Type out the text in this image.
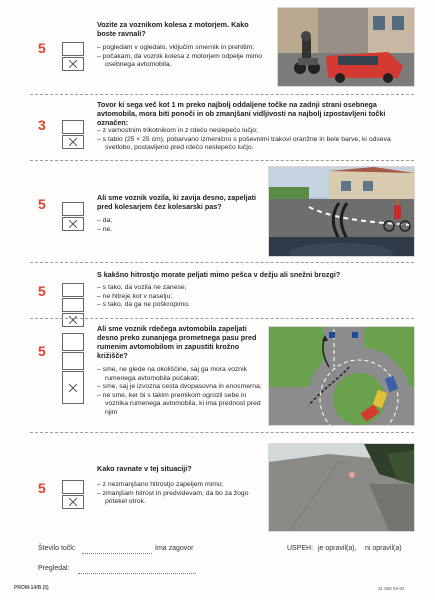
5
Vozite za voznikom kolesa z motorjem. Kako boste ravnali?
– pogledam v ogledalo, vključim smernik in prehitim;
– počakam, da voznik kolesa z motorjem odpelje mimo osebnega avtomobila.
3
Tovor ki sega več kot 1 m preko najbolj oddaljene točke na zadnji strani osebnega avtomobila, mora biti ponoči in ob zmanjšani vidljivosti na najbolj izpostavljeni točki označen:
– z varnostnim trikotnikom in z rdečo neslepečo lučjo;
– s tablo (25 × 25 cm), pobarvano izmenično s poševnimi trakovi oranžne in bele barve, ki odseva svetlobo, postavljeno pred rdečo neslepečo lučjo.
5	Ali sme voznik vozila, ki zavija desno, zapeljati pred kolesarjem čez kolesarski pas?
– da;
– ne.
5
S kakšno hitrostjo morate peljati mimo pešca v dežju ali snežni brozgi?
– s tako, da vozila ne zanese;
– ne hitreje kot v naselju;
– s tako, da ga ne poškropimo.
5
Ali sme voznik rdečega avtomobila zapeljati desno preko zunanjega prometnega pasu pred rumenim avtomobilom in zapustiti krožno križišče?
– sme, ne glede na okoliščine, saj ga mora voznik rumenega avtomobila počakati;
– sme, saj je izvozna cesta dvopasovna in enosmerna;
– ne sme, ker bi s takim premikom ogrozil sebe in voznika rumenega avtomobila, ki ima prednost pred njim
5
Kako ravnate v tej situaciji?
– z nezmanjšano hitrostjo zapeljem mimo;
– zmanjšam hitrost in predvidevam, da bo za žogo pritekel otrok.
Število točk:	Ima zagovor	USPEH: je opravil(a), ni opravil(a)
Pregledal:
PROM-14/B (5)	31 500 04-02
